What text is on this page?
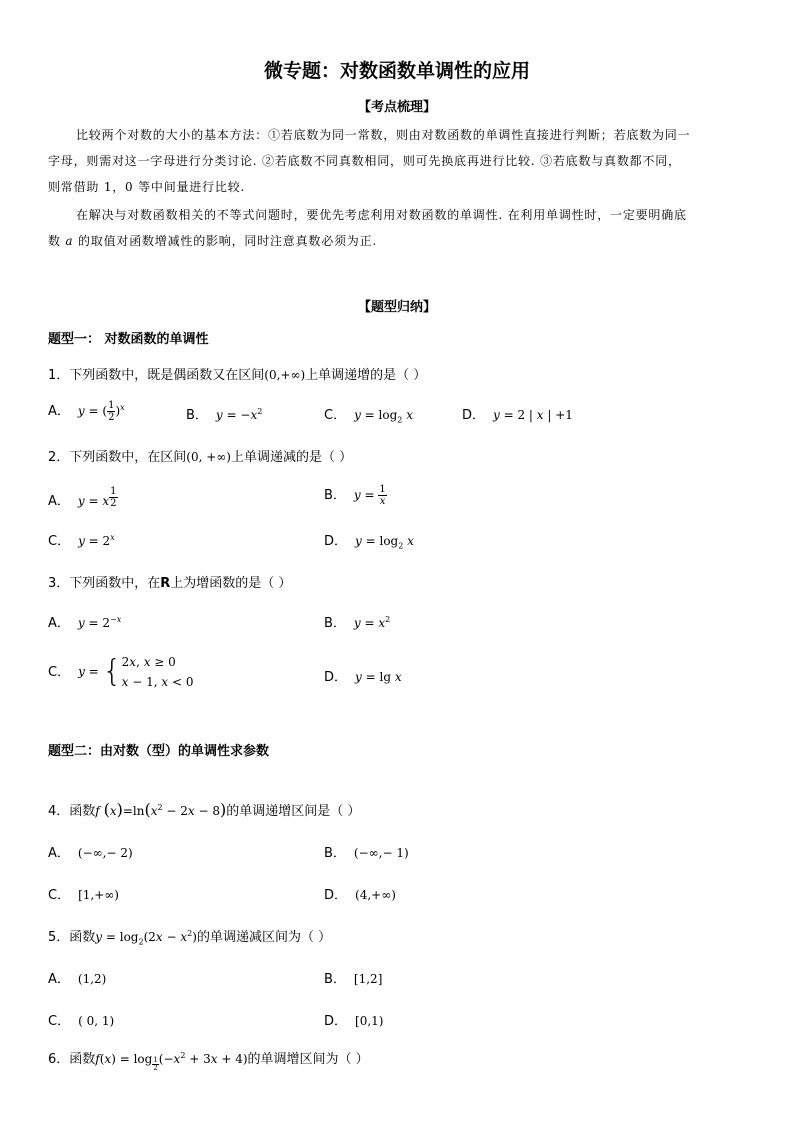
微专题：对数函数单调性的应用
【考点梳理】
比较两个对数的大小的基本方法：①若底数为同一常数，则由对数函数的单调性直接进行判断；若底数为同一
字母，则需对这一字母进行分类讨论. ②若底数不同真数相同，则可先换底再进行比较. ③若底数与真数都不同，
则常借助 1，0 等中间量进行比较.
在解决与对数函数相关的不等式问题时，要优先考虑利用对数函数的单调性. 在利用单调性时，一定要明确底
数 a 的取值对函数增减性的影响，同时注意真数必须为正.
【题型归纳】
题型一： 对数函数的单调性
1．下列函数中，既是偶函数又在区间(0,+∞)上单调递增的是（ ）
A． y = ( $\frac{1}{2} )^x$
B． $y = -x^2$	C． $y = \log_2 x$	D． y = 2 | x | +1
2．下列函数中，在区间(0, +∞)上单调递减的是（ ）
A． y = x $^{\frac{1}{2}}$	B． $y = \frac{1}{x}$
C． $y = 2^x$	D． $y = \log_2 x$
3．下列函数中，在R上为增函数的是（ ）
A． $y = 2^{-x}$	B． $y = x^2$
C． y = { 2x, x ≥ 0
x − 1, x < 0	D． y = lg x
题型二：由对数（型）的单调性求参数
4．函数f $(x)=\ln(x^2 - 2x - 8)$的单调递增区间是（ ）
A． (−∞,− 2)	B． (−∞,− 1)
C． [1,+∞)	D． (4,+∞)
5．函数$y = \log_2(2x - x^2)$的单调递减区间为（ ）
A． (1,2)	B． [1,2]
C． ( 0, 1)	D． [0,1)
6．函数f(x) = log $_{\frac{1}{2}}$ $(-x^2 + 3x + 4)$的单调增区间为（ ）
